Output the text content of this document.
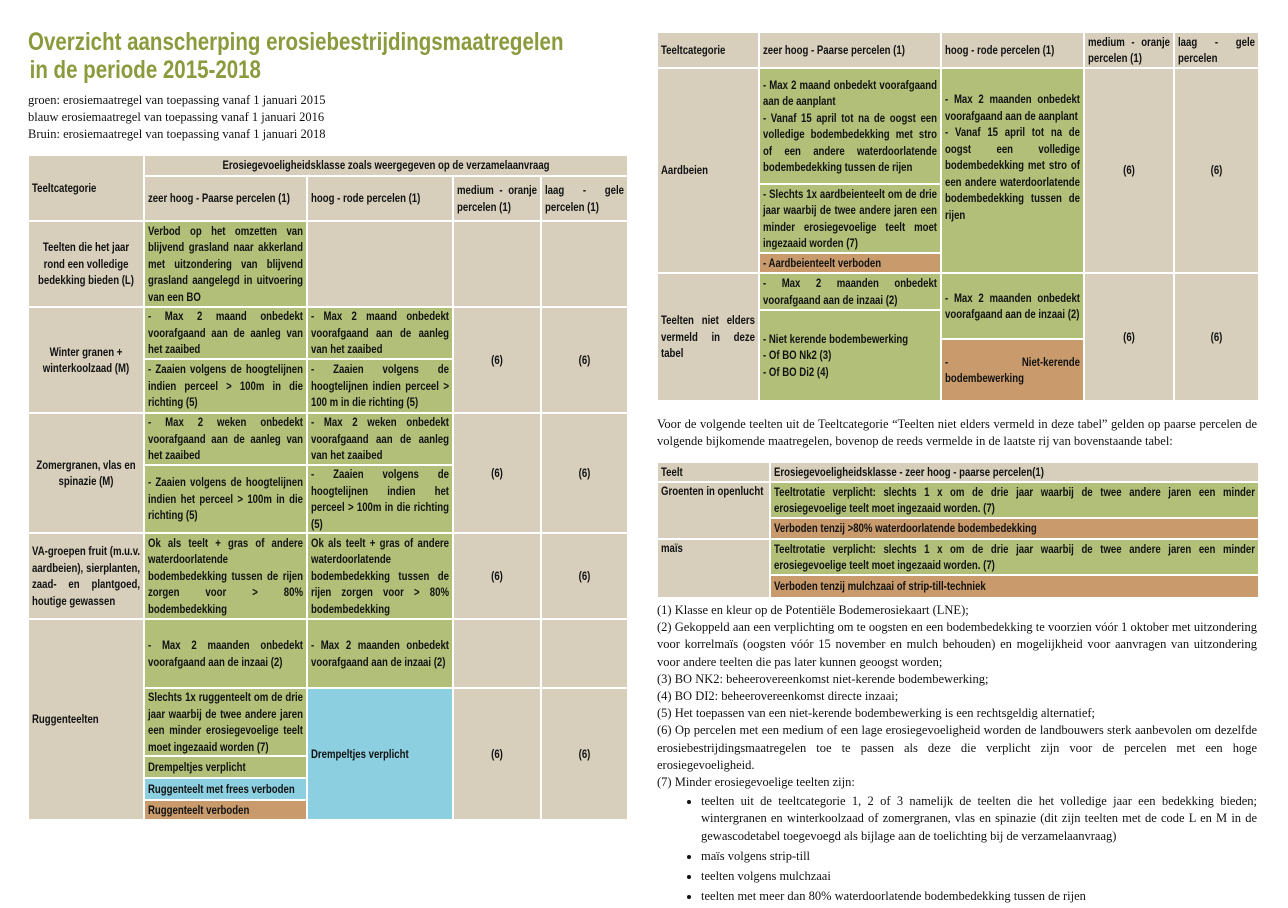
Overzicht aanscherping erosiebestrijdingsmaatregelen
in de periode 2015-2018
groen: erosiemaatregel van toepassing vanaf 1 januari 2015
blauw erosiemaatregel van toepassing vanaf 1 januari 2016
Bruin: erosiemaatregel van toepassing vanaf 1 januari 2018
Teeltcategorie	Erosiegevoeligheidsklasse zoals weergegeven op de verzamelaanvraag			

	zeer hoog - Paarse percelen (1)	hoog - rode percelen (1)	medium - oranje percelen (1)	laag - gele percelen (1)

Teelten die het jaar rond een volledige bedekking bieden (L)	Verbod op het omzetten van blijvend grasland naar akkerland met uitzondering van blijvend grasland aangelegd in uitvoering van een BO			

Winter granen + winterkoolzaad (M)	- Max 2 maand onbedekt voorafgaand aan de aanleg van het zaaibed	- Max 2 maand onbedekt voorafgaand aan de aanleg van het zaaibed	(6)	(6)

	- Zaaien volgens de hoogtelijnen indien perceel > 100m in die richting (5)	- Zaaien volgens de hoogtelijnen indien perceel > 100 m in die richting (5)		

Zomergranen, vlas en spinazie (M)	- Max 2 weken onbedekt voorafgaand aan de aanleg van het zaaibed	- Max 2 weken onbedekt voorafgaand aan de aanleg van het zaaibed	(6)	(6)

	- Zaaien volgens de hoogtelijnen indien het perceel > 100m in die richting (5)	- Zaaien volgens de hoogtelijnen indien het perceel > 100m in die richting (5)		

VA-groepen fruit (m.u.v. aardbeien), sierplanten, zaad- en plantgoed, houtige gewassen	Ok als teelt + gras of andere waterdoorlatende bodembedekking tussen de rijen zorgen voor > 80% bodembedekking	Ok als teelt + gras of andere waterdoorlatende bodembedekking tussen de rijen zorgen voor > 80% bodembedekking	(6)	(6)

Ruggenteelten	- Max 2 maanden onbedekt voorafgaand aan de inzaai (2)	- Max 2 maanden onbedekt voorafgaand aan de inzaai (2)		

	Slechts 1x ruggenteelt om de drie jaar waarbij de twee andere jaren een minder erosiegevoelige teelt moet ingezaaid worden (7)	Drempeltjes verplicht	(6)	(6)

	Drempeltjes verplicht			

	Ruggenteelt met frees verboden			

	Ruggenteelt verboden			
Teeltcategorie	zeer hoog - Paarse percelen (1)	hoog - rode percelen (1)	medium - oranje percelen (1)	laag - gele percelen

Aardbeien	- Max 2 maand onbedekt voorafgaand aan de aanplant
- Vanaf 15 april tot na de oogst een volledige bodembedekking met stro of een andere waterdoorlatende bodembedekking tussen de rijen	- Max 2 maanden onbedekt voorafgaand aan de aanplant
- Vanaf 15 april tot na de oogst een volledige bodembedekking met stro of een andere waterdoorlatende bodembedekking tussen de rijen	(6)	(6)

	- Slechts 1x aardbeienteelt om de drie jaar waarbij de twee andere jaren een minder erosiegevoelige teelt moet ingezaaid worden (7)			

	- Aardbeienteelt verboden			

Teelten niet elders vermeld in deze tabel	- Max 2 maanden onbedekt voorafgaand aan de inzaai (2)	- Max 2 maanden onbedekt voorafgaand aan de inzaai (2)	(6)	(6)

	- Niet kerende bodembewerking
- Of BO Nk2 (3)
- Of BO Di2 (4)			

		- Niet-kerende bodembewerking		
Voor de volgende teelten uit de Teeltcategorie “Teelten niet elders vermeld in deze tabel” gelden op paarse percelen de volgende bijkomende maatregelen, bovenop de reeds vermelde in de laatste rij van bovenstaande tabel:
Teelt	Erosiegevoeligheidsklasse - zeer hoog - paarse percelen(1)

Groenten in openlucht	Teeltrotatie verplicht: slechts 1 x om de drie jaar waarbij de twee andere jaren een minder erosiegevoelige teelt moet ingezaaid worden. (7)

	Verboden tenzij >80% waterdoorlatende bodembedekking

maïs	Teeltrotatie verplicht: slechts 1 x om de drie jaar waarbij de twee andere jaren een minder erosiegevoelige teelt moet ingezaaid worden. (7)

	Verboden tenzij mulchzaai of strip-till-techniek

(1) Klasse en kleur op de Potentiële Bodemerosiekaart (LNE);

(2) Gekoppeld aan een verplichting om te oogsten en een bodembedekking te voorzien vóór 1 oktober met uitzondering voor korrelmaïs (oogsten vóór 15 november en mulch behouden) en mogelijkheid voor aanvragen van uitzondering voor andere teelten die pas later kunnen geoogst worden;

(3) BO NK2: beheerovereenkomst niet-kerende bodembewerking;

(4) BO DI2: beheerovereenkomst directe inzaai;

(5) Het toepassen van een niet-kerende bodembewerking is een rechtsgeldig alternatief;

(6) Op percelen met een medium of een lage erosiegevoeligheid worden de landbouwers sterk aanbevolen om dezelfde erosiebestrijdingsmaatregelen toe te passen als deze die verplicht zijn voor de percelen met een hoge erosiegevoeligheid.

(7) Minder erosiegevoelige teelten zijn:

• teelten uit de teeltcategorie 1, 2 of 3 namelijk de teelten die het volledige jaar een bedekking bieden; wintergranen en winterkoolzaad of zomergranen, vlas en spinazie (dit zijn teelten met de code L en M in de gewascodetabel toegevoegd als bijlage aan de toelichting bij de verzamelaanvraag)
• maïs volgens strip-till
• teelten volgens mulchzaai
• teelten met meer dan 80% waterdoorlatende bodembedekking tussen de rijen
